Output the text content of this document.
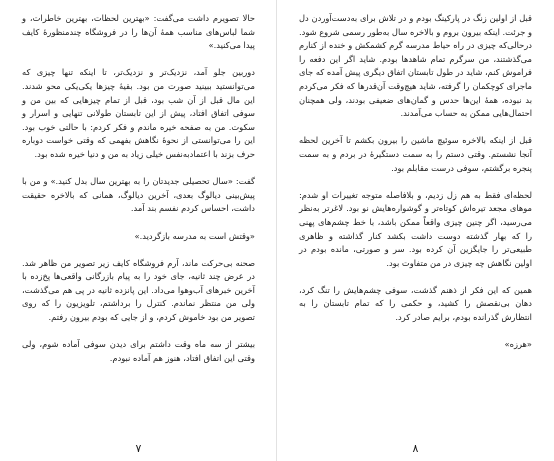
حالا تصویرم داشت می‌گفت: «بهترین لحظات، بهترین خاطرات، و شما لباس‌های مناسب همهٔ آن‌ها را در فروشگاه چندمنظورهٔ کایف پیدا می‌کنید.»

دوربین جلو آمد، نزدیک‌تر و نزدیک‌تر، تا اینکه تنها چیزی که می‌توانستید ببینید صورت من بود. بقیهٔ چیزها یکی‌یکی محو شدند. این مال قبل از آن شب بود، قبل از تمام چیزهایی که بین من و سوفی اتفاق افتاد، پیش از این تابستان طولانی تنهایی و اسرار و سکوت. من به صفحه خیره ماندم و فکر کردم: با حالتی خوب بود. این را می‌توانستی از نحوهٔ نگاهش بفهمی که وقتی خواست دوباره حرف بزند با اعتمادبه‌نفس خیلی زیاد به من و دنیا خیره شده بود.

گفت: «سال تحصیلی جدیدتان را به بهترین سال بدل کنید.» و من با پیش‌بینی دیالوگ بعدی، آخرین دیالوگ، همانی که بالاخره حقیقت داشت، احساس کردم نفسم بند آمد.

«وقتش است به مدرسه بازگردید.»

صحنه بی‌حرکت ماند، آرم فروشگاه کایف زیر تصویر من ظاهر شد. در عرض چند ثانیه، جای خود را به پیام بازرگانی واقعی‌ها پخ‌زده با آخرین خبرهای آب‌وهوا می‌داد. این پانزده ثانیه در پی هم می‌گذشت، ولی من منتظر نماندم. کنترل را برداشتم، تلویزیون را که روی تصویر من بود خاموش کردم، و از جایی که بودم بیرون رفتم.

بیشتر از سه ماه وقت داشتم برای دیدن سوفی آماده شوم، ولی وقتی این اتفاق افتاد، هنوز هم آماده نبودم.

۷

قبل از اولین زنگ در پارکینگ بودم و در تلاش برای به‌دست‌آوردن دل و جرئت. اینکه بیرون بروم و بالاخره سال به‌طور رسمی شروع شود. درحالی‌که چیزی در راه حیاط مدرسه گرم کشمکش و خنده از کنارم می‌گذشتند، من سرگرم تمام شاهدها بودم. شاید اگر این دفعه را فراموش کنم، شاید در طول تابستان اتفاق دیگری پیش آمده که جای ماجرای کوچکمان را گرفته، شاید هیچ‌وقت آن‌قدرها که فکر می‌کردم بد نبوده، همهٔ این‌ها حدس و گمان‌های ضعیفی بودند، ولی همچنان احتمال‌هایی ممکن به حساب می‌آمدند.

قبل از اینکه بالاخره سوئیچ ماشین را بیرون بکشم تا آخرین لحظه آنجا نشستم. وقتی دستم را به سمت دستگیرهٔ در بردم و به سمت پنجره برگشتم، سوفی درست مقابلم بود.

لحظه‌ای فقط به هم زل زدیم، و بلافاصله متوجه تغییرات او شدم: موهای مجعد تیره‌اش کوتاه‌تر و گوشواره‌هایش نو بود. لاغرتر به‌نظر می‌رسید، اگر چنین چیزی واقعاً ممکن باشد، با خط چشم‌های پهنی را که بهار گذشته دوست داشت بکشد کنار گذاشته و ظاهری طبیعی‌تر را جایگزین آن کرده بود. سر و صورتی، مانده بودم در اولین نگاهش چه چیزی در من متفاوت بود.

همین که این فکر از ذهنم گذشت، سوفی چشم‌هایش را تنگ کرد، دهان بی‌نقصش را کشید، و حکمی را که تمام تابستان را به انتظارش گذرانده بودم، برایم صادر کرد.

«هرزه»

۸
